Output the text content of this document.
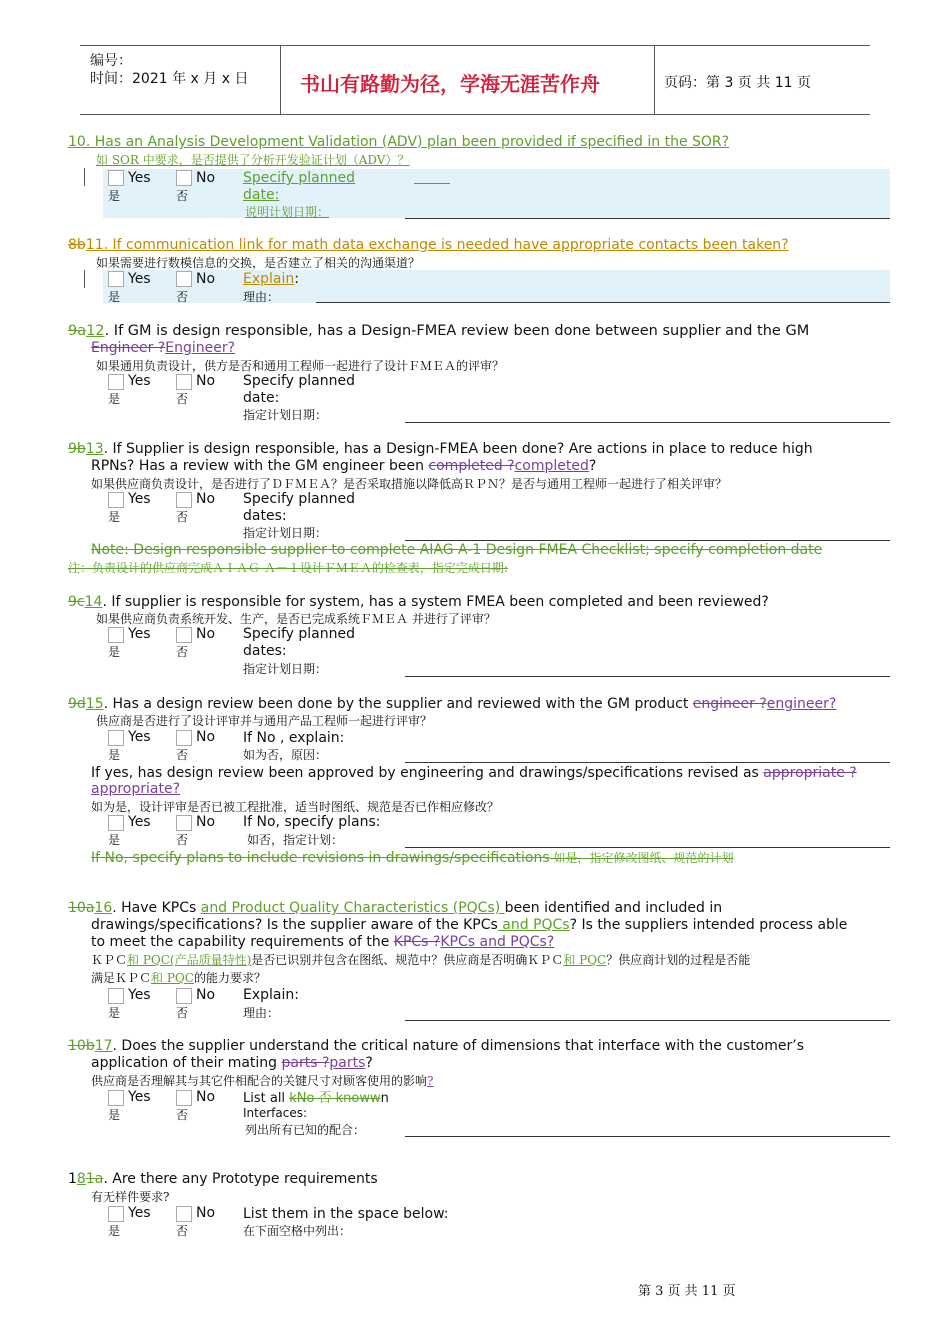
编号：
时间：2021 年 x 月 x 日	书山有路勤为径，学海无涯苦作舟	页码：第 3 页 共 11 页
10. Has an Analysis Development Validation (ADV) plan been provided if specified in the SOR?
如 SOR 中要求，是否提供了分析开发验证计划（ADV）？
Yes	No
是	否
Specify planned
date:
说明计划日期：
8b11. If communication link for math data exchange is needed have appropriate contacts been taken?
如果需要进行数模信息的交换，是否建立了相关的沟通渠道？
Yes	No
是	否
Explain:
理由：
9a12. If GM is design responsible, has a Design-FMEA review been done between supplier and the GM
Engineer ?Engineer?
如果通用负责设计，供方是否和通用工程师一起进行了设计ＦＭＥＡ的评审？
Yes	No
是	否
Specify planned
date:
指定计划日期：
9b13. If Supplier is design responsible, has a Design-FMEA been done? Are actions in place to reduce high
RPNs? Has a review with the GM engineer been completed ?completed?
如果供应商负责设计，是否进行了ＤＦＭＥＡ？是否采取措施以降低高ＲＰＮ？是否与通用工程师一起进行了相关评审？
Yes	No
是	否
Specify planned
dates:
指定计划日期：
Note: Design responsible supplier to complete AIAG A-1 Design FMEA Checklist; specify completion date
注：负责设计的供应商完成ＡＩＡＧ Ａ－１设计ＦＭＥＡ的检查表，指定完成日期:
9c14. If supplier is responsible for system, has a system FMEA been completed and been reviewed?
如果供应商负责系统开发、生产，是否已完成系统ＦＭＥＡ 并进行了评审？
Yes	No
是	否
Specify planned
dates:
指定计划日期：
9d15. Has a design review been done by the supplier and reviewed with the GM product engineer ?engineer?
供应商是否进行了设计评审并与通用产品工程师一起进行评审？
Yes	No
是	否
If No , explain:
如为否，原因：
If yes, has design review been approved by engineering and drawings/specifications revised as appropriate ?
appropriate?
如为是，设计评审是否已被工程批准，适当时图纸、规范是否已作相应修改？
Yes	No
是	否
If No, specify plans:
如否，指定计划：
If No, specify plans to include revisions in drawings/specifications 如是，指定修改图纸、规范的计划
10a16. Have KPCs and Product Quality Characteristics (PQCs) been identified and included in
drawings/specifications? Is the supplier aware of the KPCs and PQCs? Is the suppliers intended process able
to meet the capability requirements of the KPCs ?KPCs and PQCs?
ＫＰＣ和 PQC(产品质量特性)是否已识别并包含在图纸、规范中？供应商是否明确ＫＰＣ和 PQC？供应商计划的过程是否能
满足ＫＰＣ和 PQC的能力要求？
Yes	No
是	否
Explain:
理由：
10b17. Does the supplier understand the critical nature of dimensions that interface with the customer’s
application of their mating parts ?parts?
供应商是否理解其与其它件相配合的关键尺寸对顾客使用的影响?
Yes	No
是	否
List all kNo 否 knowwn
Interfaces:
列出所有已知的配合：
181a. Are there any Prototype requirements
有无样件要求?
Yes	No
是	否
List them in the space below:
在下面空格中列出：
第 3 页 共 11 页
